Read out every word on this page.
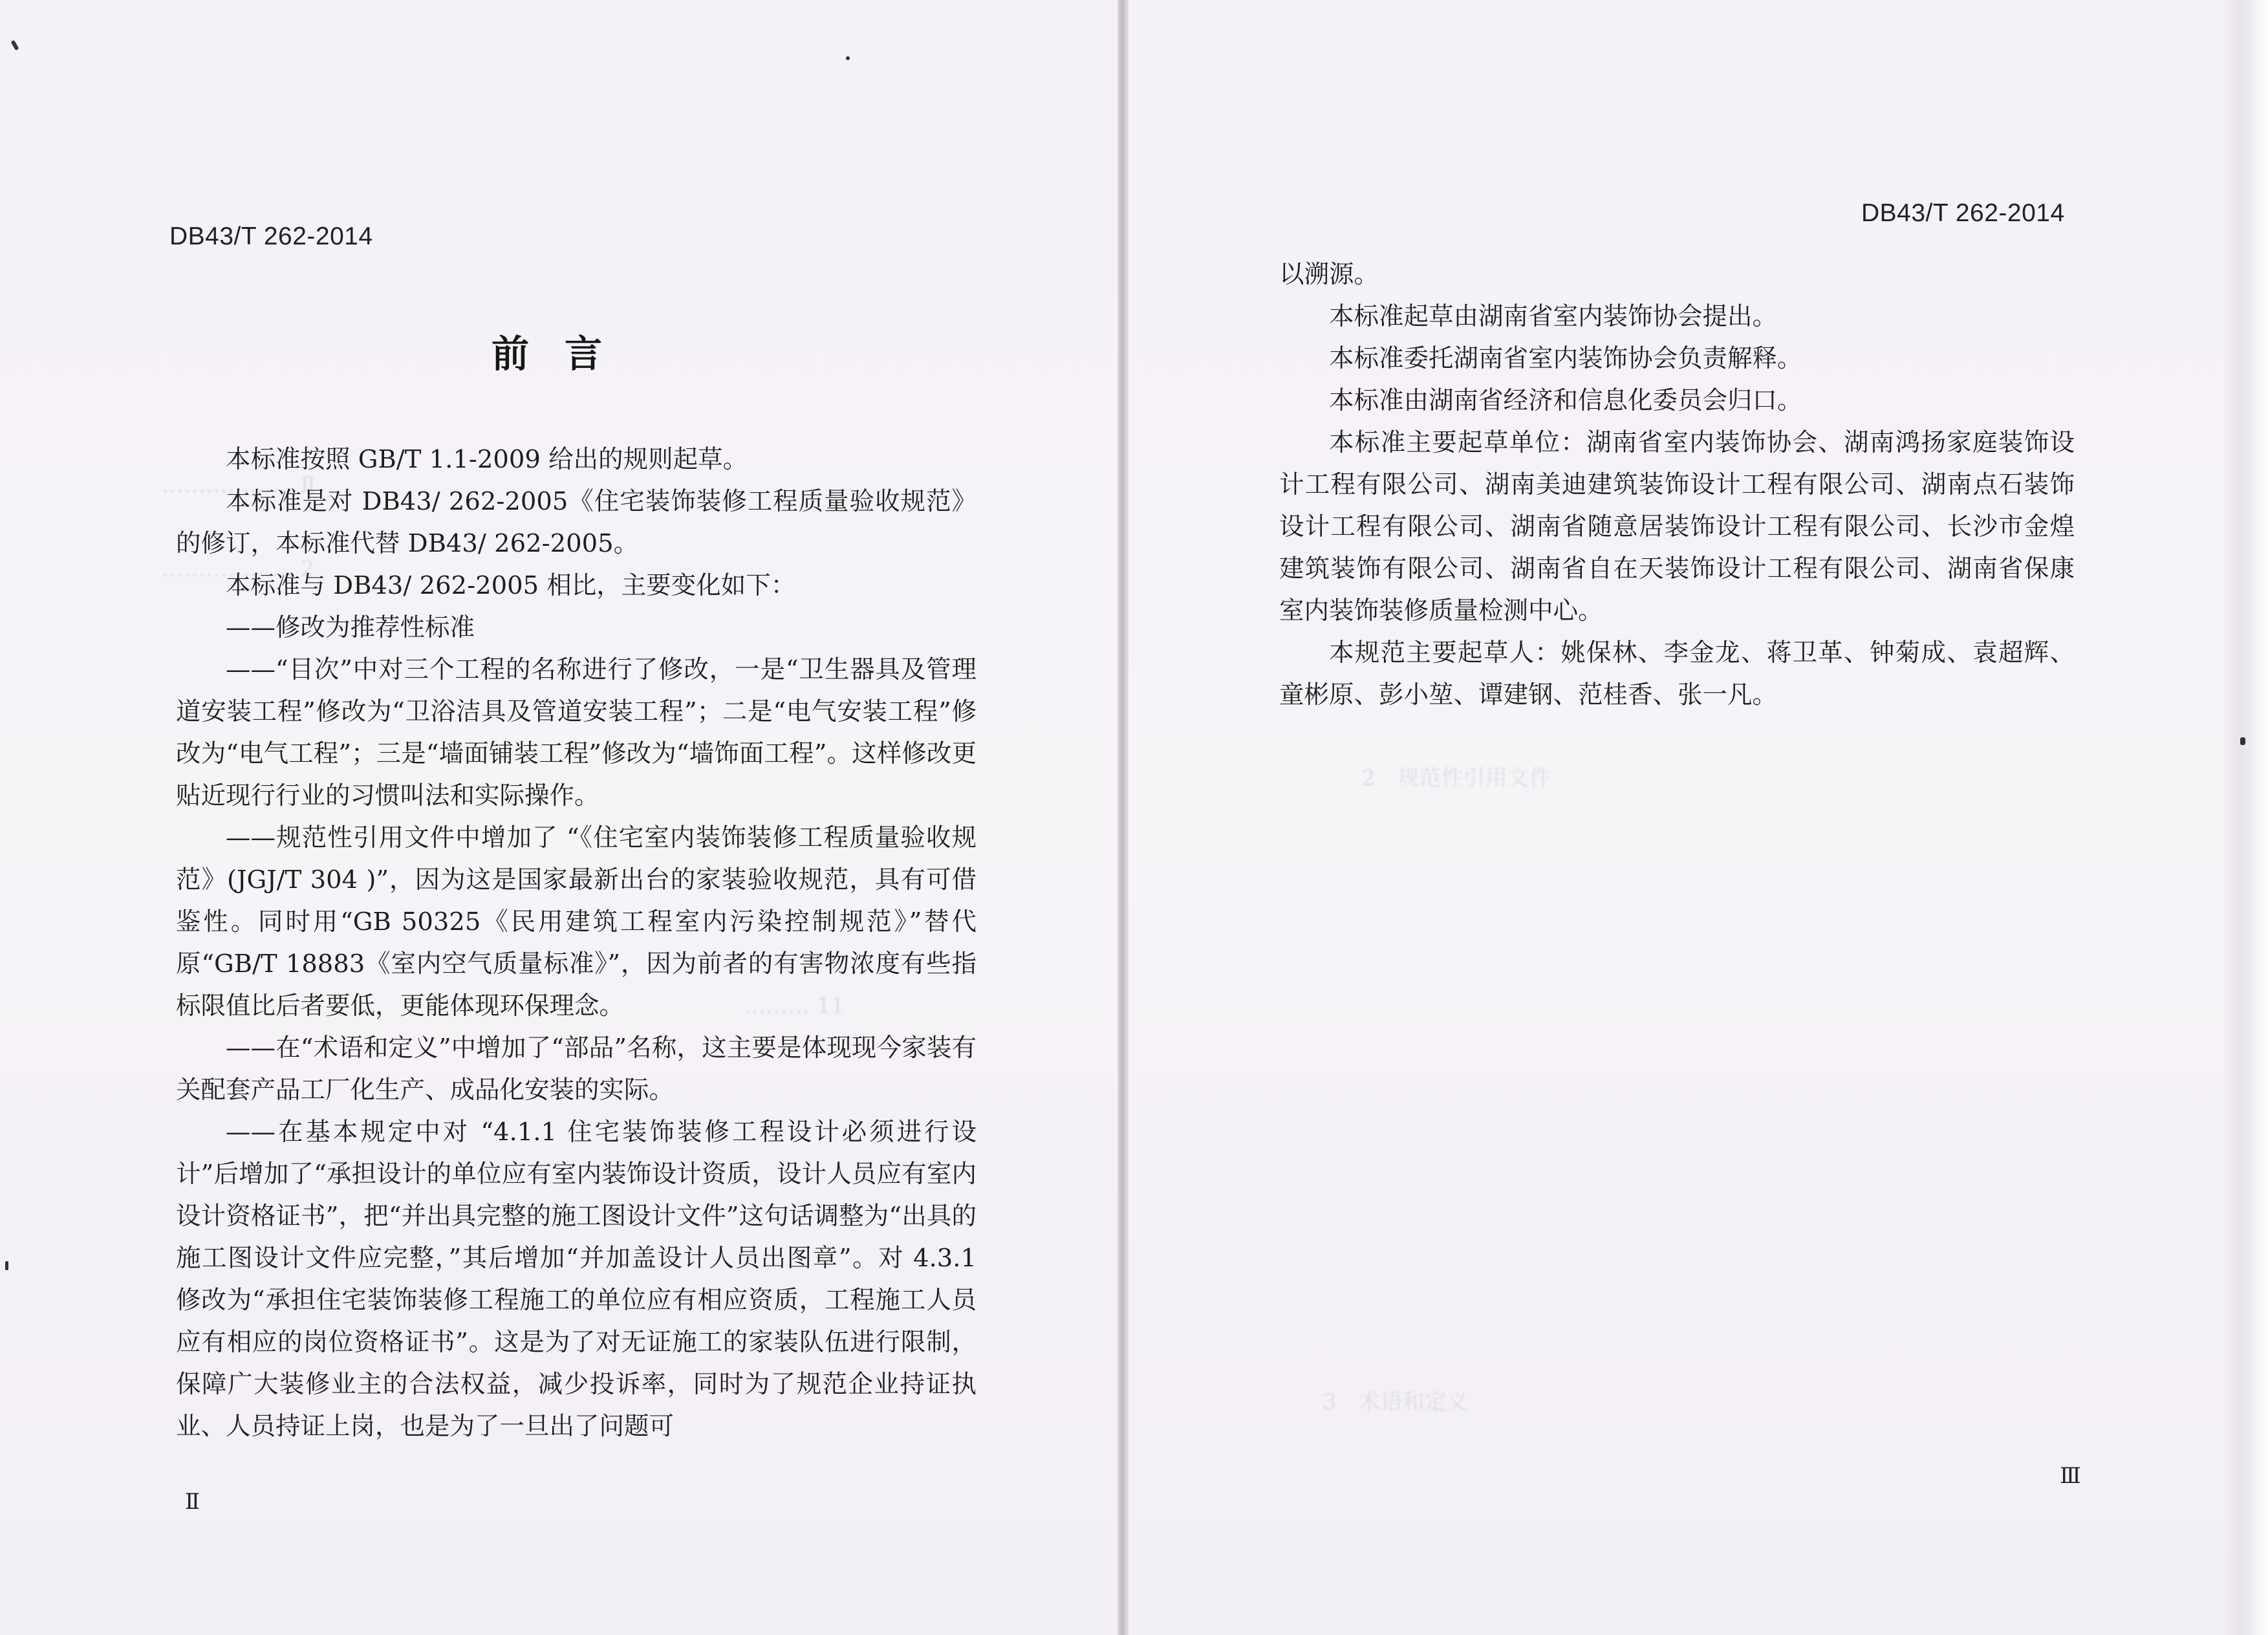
DB43/T 262-2014
前言
……………… Ⅱ
……………… 2
……… 11

本标准按照 GB/T 1.1-2009 给出的规则起草。

本标准是对 DB43/ 262-2005《住宅装饰装修工程质量验收规范》的修订，本标准代替 DB43/ 262-2005。

本标准与 DB43/ 262-2005 相比，主要变化如下：

——修改为推荐性标准

——“目次”中对三个工程的名称进行了修改，一是“卫生器具及管理道安装工程”修改为“卫浴洁具及管道安装工程”；二是“电气安装工程”修改为“电气工程”；三是“墙面铺装工程”修改为“墙饰面工程”。这样修改更贴近现行行业的习惯叫法和实际操作。

——规范性引用文件中增加了 “《住宅室内装饰装修工程质量验收规范》(JGJ/T 304 )”，因为这是国家最新出台的家装验收规范，具有可借鉴性。同时用“GB 50325《民用建筑工程室内污染控制规范》”替代原“GB/T 18883《室内空气质量标准》”，因为前者的有害物浓度有些指标限值比后者要低，更能体现环保理念。

——在“术语和定义”中增加了“部品”名称，这主要是体现现今家装有关配套产品工厂化生产、成品化安装的实际。

——在基本规定中对 “4.1.1 住宅装饰装修工程设计必须进行设计”后增加了“承担设计的单位应有室内装饰设计资质，设计人员应有室内设计资格证书”，把“并出具完整的施工图设计文件”这句话调整为“出具的施工图设计文件应完整，”其后增加“并加盖设计人员出图章”。对 4.3.1 修改为“承担住宅装饰装修工程施工的单位应有相应资质，工程施工人员应有相应的岗位资格证书”。这是为了对无证施工的家装队伍进行限制，保障广大装修业主的合法权益，减少投诉率，同时为了规范企业持证执业、人员持证上岗，也是为了一旦出了问题可

Ⅱ
DB43/T 262-2014
2　规范性引用文件
3　术语和定义

以溯源。

本标准起草由湖南省室内装饰协会提出。

本标准委托湖南省室内装饰协会负责解释。

本标准由湖南省经济和信息化委员会归口。

本标准主要起草单位：湖南省室内装饰协会、湖南鸿扬家庭装饰设计工程有限公司、湖南美迪建筑装饰设计工程有限公司、湖南点石装饰设计工程有限公司、湖南省随意居装饰设计工程有限公司、长沙市金煌建筑装饰有限公司、湖南省自在天装饰设计工程有限公司、湖南省保康室内装饰装修质量检测中心。

本规范主要起草人：姚保林、李金龙、蒋卫革、钟菊成、袁超辉、童彬原、彭小堃、谭建钢、范桂香、张一凡。

Ⅲ
